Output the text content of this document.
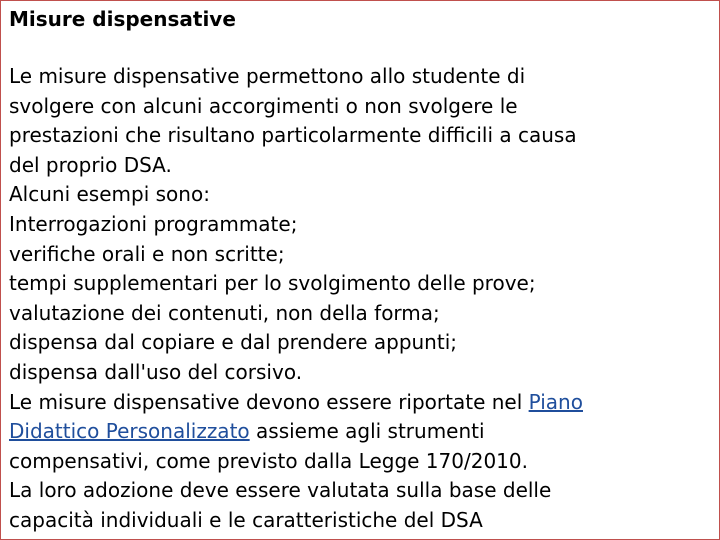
Misure dispensative
Le misure dispensative permettono allo studente di
svolgere con alcuni accorgimenti o non svolgere le
prestazioni che risultano particolarmente difficili a causa
del proprio DSA.
Alcuni esempi sono:
Interrogazioni programmate;
verifiche orali e non scritte;
tempi supplementari per lo svolgimento delle prove;
valutazione dei contenuti, non della forma;
dispensa dal copiare e dal prendere appunti;
dispensa dall'uso del corsivo.
Le misure dispensative devono essere riportate nel Piano
Didattico Personalizzato assieme agli strumenti
compensativi, come previsto dalla Legge 170/2010.
La loro adozione deve essere valutata sulla base delle
capacità individuali e le caratteristiche del DSA
